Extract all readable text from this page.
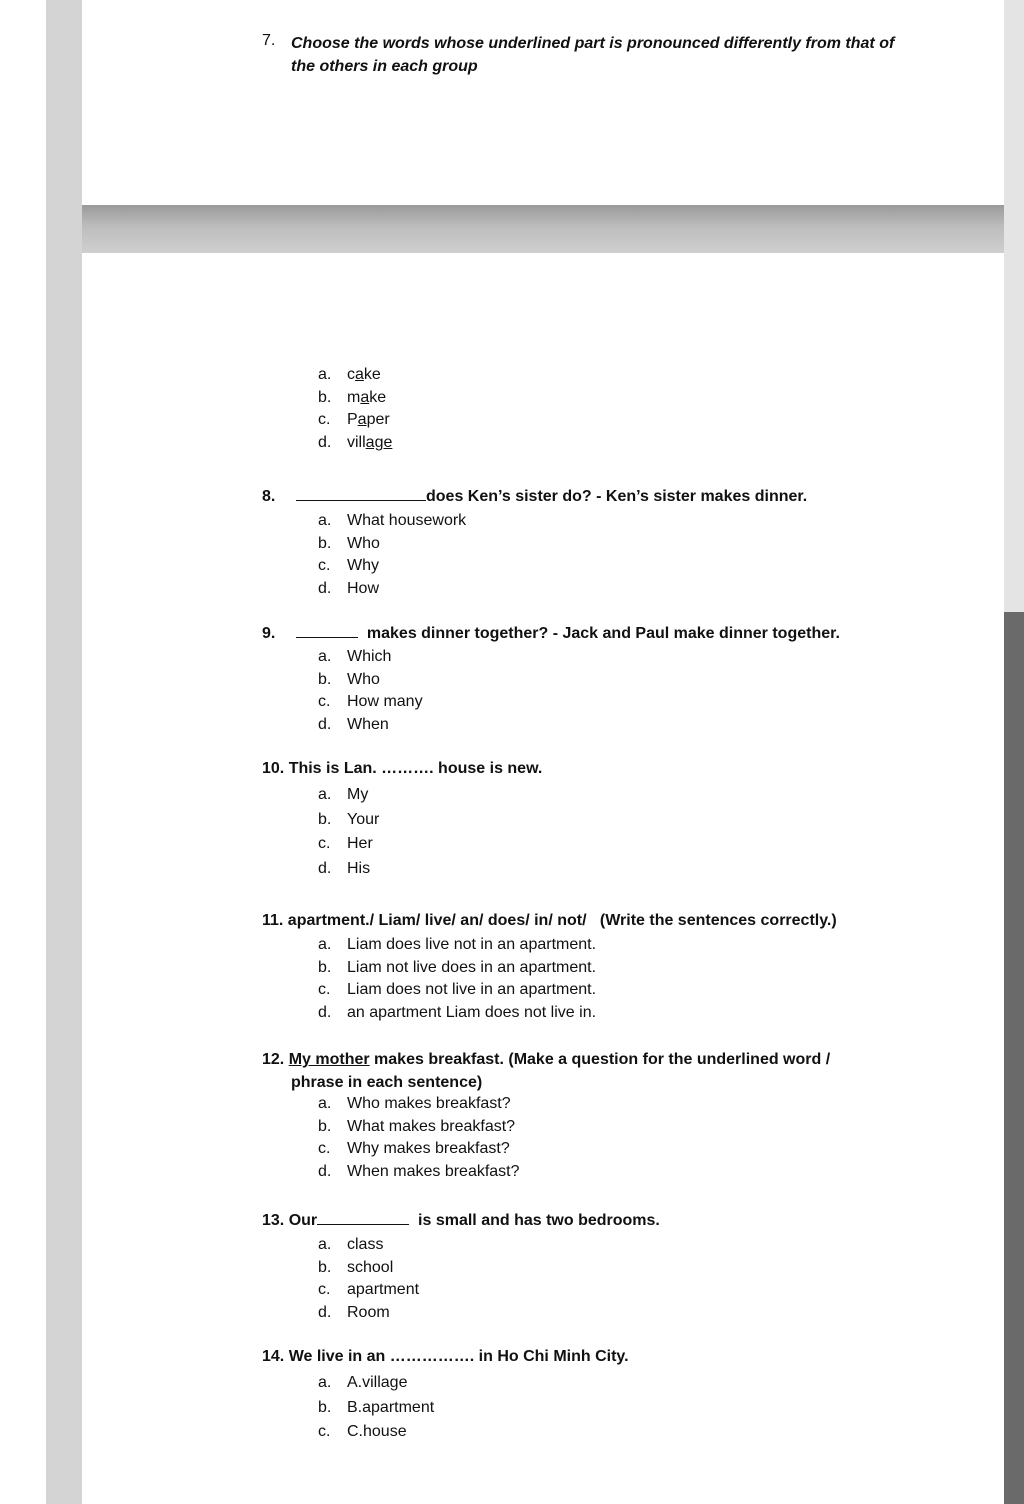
7. Choose the words whose underlined part is pronounced differently from that of the others in each group
a. cake
b. make
c. Paper
d. village
8.	does Ken’s sister do? - Ken’s sister makes dinner.
a. What housework
b. Who
c. Why
d. How
9.	makes dinner together? - Jack and Paul make dinner together.
a. Which
b. Who
c. How many
d. When
10. This is Lan. ………. house is new.
a. My
b. Your
c. Her
d. His
11. apartment./ Liam/ live/ an/ does/ in/ not/ (Write the sentences correctly.)
a. Liam does live not in an apartment.
b. Liam not live does in an apartment.
c. Liam does not live in an apartment.
d. an apartment Liam does not live in.
12. My mother makes breakfast. (Make a question for the underlined word /
phrase in each sentence)
a. Who makes breakfast?
b. What makes breakfast?
c. Why makes breakfast?
d. When makes breakfast?
13. Our	is small and has two bedrooms.
a. class
b. school
c. apartment
d. Room
14. We live in an ……………. in Ho Chi Minh City.
a. A.village
b. B.apartment
c. C.house
